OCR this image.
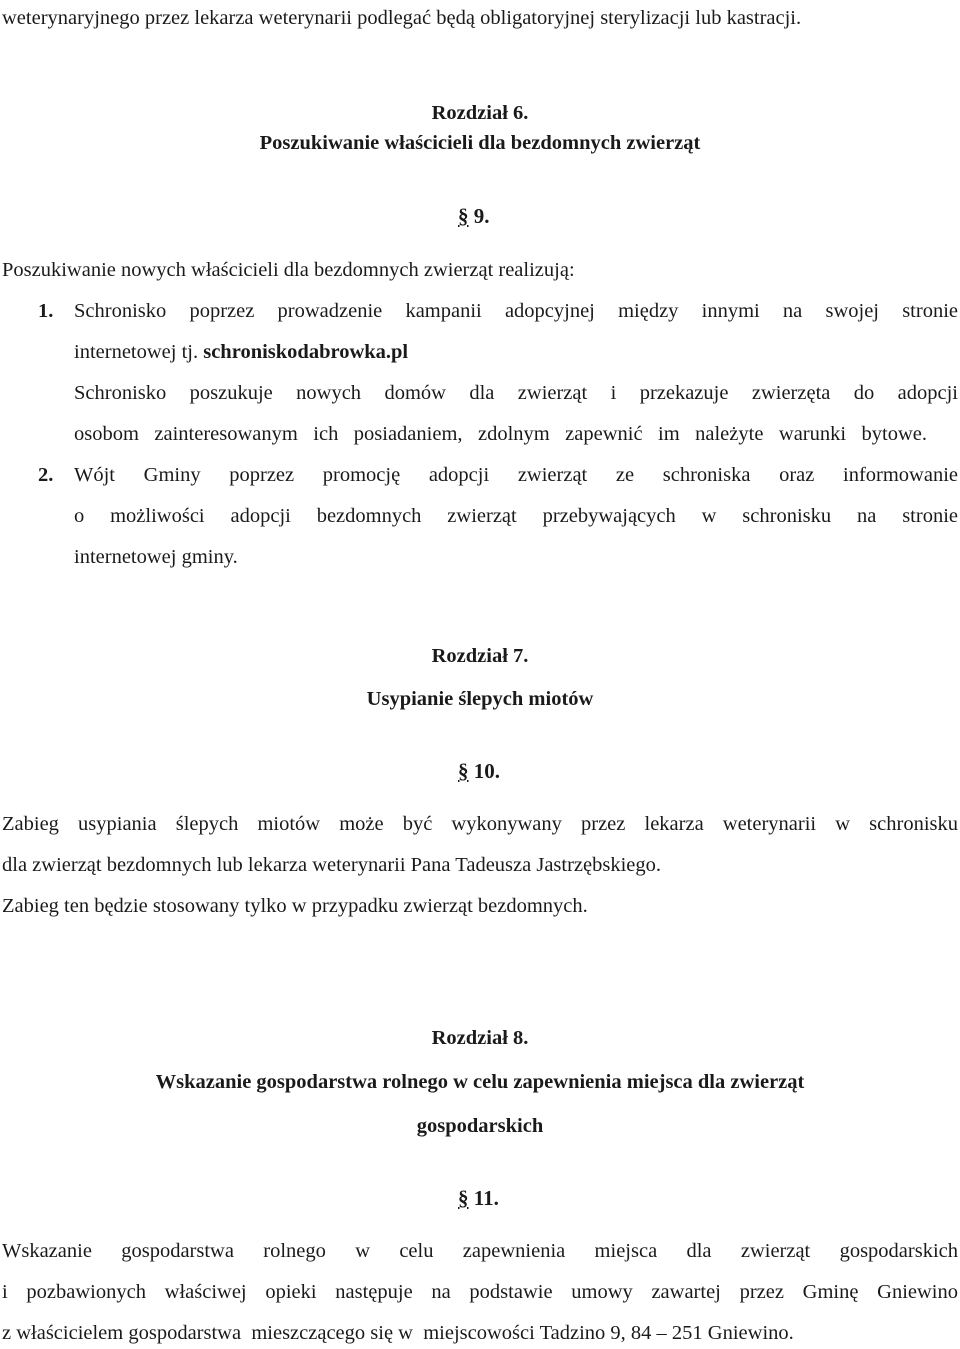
weterynaryjnego przez lekarza weterynarii podlegać będą obligatoryjnej sterylizacji lub kastracji.
Rozdział 6.
Poszukiwanie właścicieli dla bezdomnych zwierząt
§ 9.
Poszukiwanie nowych właścicieli dla bezdomnych zwierząt realizują:
1. Schronisko poprzez prowadzenie kampanii adopcyjnej między innymi na swojej stronie
internetowej tj. schroniskodabrowka.pl
Schronisko poszukuje nowych domów dla zwierząt i przekazuje zwierzęta do adopcji
osobom zainteresowanym ich posiadaniem, zdolnym zapewnić im należyte warunki bytowe.
2. Wójt Gminy poprzez promocję adopcji zwierząt ze schroniska oraz informowanie
o możliwości adopcji bezdomnych zwierząt przebywających w schronisku na stronie
internetowej gminy.
Rozdział 7.
Usypianie ślepych miotów
§ 10.
Zabieg usypiania ślepych miotów może być wykonywany przez lekarza weterynarii w schronisku
dla zwierząt bezdomnych lub lekarza weterynarii Pana Tadeusza Jastrzębskiego.
Zabieg ten będzie stosowany tylko w przypadku zwierząt bezdomnych.
Rozdział 8.
Wskazanie gospodarstwa rolnego w celu zapewnienia miejsca dla zwierząt
gospodarskich
§ 11.
Wskazanie gospodarstwa rolnego w celu zapewnienia miejsca dla zwierząt gospodarskich
i pozbawionych właściwej opieki następuje na podstawie umowy zawartej przez Gminę Gniewino
z właścicielem gospodarstwa  mieszczącego się w  miejscowości Tadzino 9, 84 – 251 Gniewino.
